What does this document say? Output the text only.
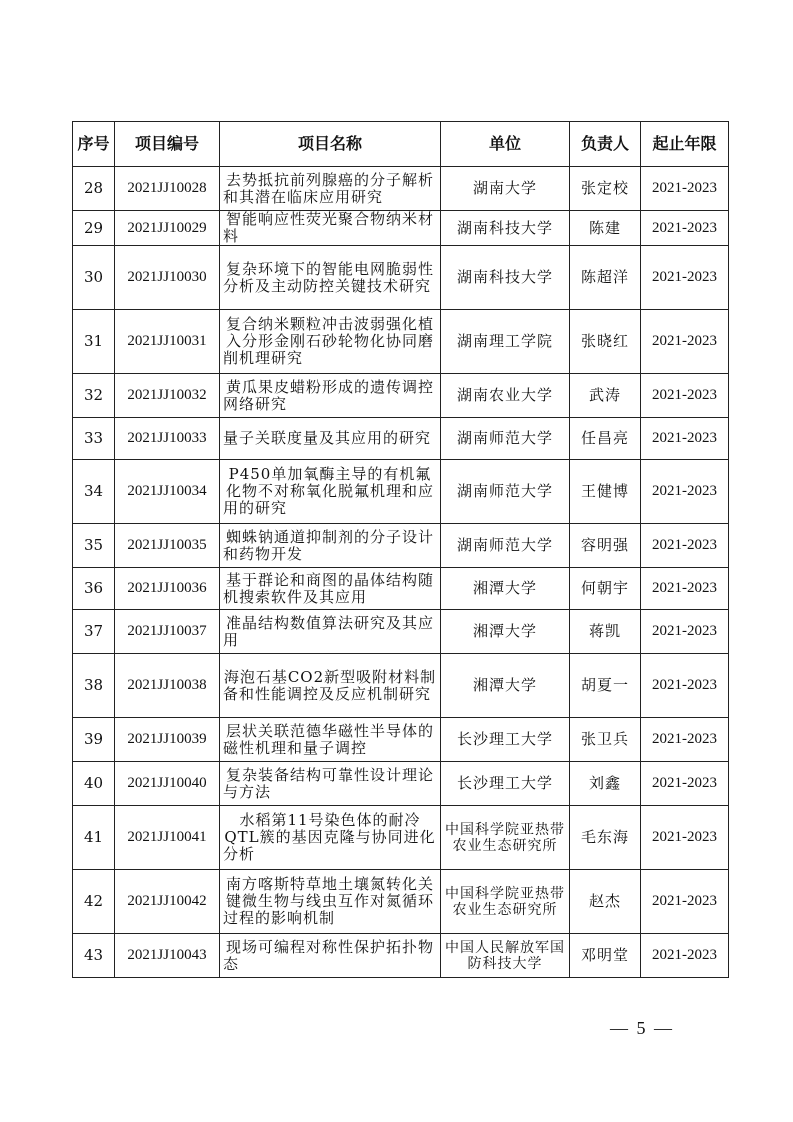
序号	项目编号	项目名称	单位	负责人	起止年限
28	2021JJ10028	去势抵抗前列腺癌的分子解析和其潜在临床应用研究	湖南大学	张定校	2021-2023
29	2021JJ10029	智能响应性荧光聚合物纳米材料	湖南科技大学	陈建	2021-2023
30	2021JJ10030	复杂环境下的智能电网脆弱性分析及主动防控关键技术研究	湖南科技大学	陈超洋	2021-2023
31	2021JJ10031	复合纳米颗粒冲击波弱强化植入分形金刚石砂轮物化协同磨削机理研究	湖南理工学院	张晓红	2021-2023
32	2021JJ10032	黄瓜果皮蜡粉形成的遗传调控网络研究	湖南农业大学	武涛	2021-2023
33	2021JJ10033	量子关联度量及其应用的研究	湖南师范大学	任昌亮	2021-2023
34	2021JJ10034	P450单加氧酶主导的有机氟化物不对称氧化脱氟机理和应用的研究	湖南师范大学	王健博	2021-2023
35	2021JJ10035	蜘蛛钠通道抑制剂的分子设计和药物开发	湖南师范大学	容明强	2021-2023
36	2021JJ10036	基于群论和商图的晶体结构随机搜索软件及其应用	湘潭大学	何朝宇	2021-2023
37	2021JJ10037	准晶结构数值算法研究及其应用	湘潭大学	蒋凯	2021-2023
38	2021JJ10038	海泡石基CO2新型吸附材料制备和性能调控及反应机制研究	湘潭大学	胡夏一	2021-2023
39	2021JJ10039	层状关联范德华磁性半导体的磁性机理和量子调控	长沙理工大学	张卫兵	2021-2023
40	2021JJ10040	复杂装备结构可靠性设计理论与方法	长沙理工大学	刘鑫	2021-2023
41	2021JJ10041	水稻第11号染色体的耐冷QTL簇的基因克隆与协同进化分析	中国科学院亚热带农业生态研究所	毛东海	2021-2023
42	2021JJ10042	南方喀斯特草地土壤氮转化关键微生物与线虫互作对氮循环过程的影响机制	中国科学院亚热带农业生态研究所	赵杰	2021-2023
43	2021JJ10043	现场可编程对称性保护拓扑物态	中国人民解放军国防科技大学	邓明堂	2021-2023
— 5 —
